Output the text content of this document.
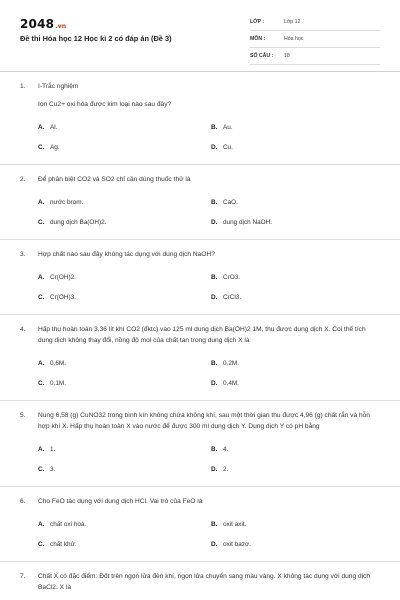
2048.vn
Đề thi Hóa học 12 Học kì 2 có đáp án (Đề 3)
LỚP :	Lớp 12
MÔN :	Hóa học
SỐ CÂU :	18
1.	I-Trắc nghiệm
Ion Cu2+ oxi hóa được kim loại nào sau đây?
A. Al.	B. Au.
C. Ag.	D. Cu.
2.	Để phân biệt CO2 và SO2 chỉ cần dùng thuốc thử là
A. nước brom.	B. CaO.
C. dung dịch Ba(OH)2.	D. dung dịch NaOH.
3.	Hợp chất nào sau đây không tác dụng với dung dịch NaOH?
A. Cr(OH)2.	B. CrO3.
C. Cr(OH)3.	D. CrCl3.
4.	Hấp thụ hoàn toàn 3,36 lít khí CO2 (đktc) vào 125 ml dung dịch Ba(OH)2 1M, thu được dung dịch X. Coi thể tích dung dịch không thay đổi, nồng độ mol của chất tan trong dung dịch X là
A. 0,6M.	B. 0,2M.
C. 0,1M.	D. 0,4M.
5.	Nung 6,58 (g) CuNO32 trong bình kín không chứa không khí, sau một thời gian thu được 4,96 (g) chất rắn và hỗn hợp khí X. Hấp thụ hoàn toàn X vào nước để được 300 ml dung dịch Y. Dung dịch Y có pH bằng
A. 1.	B. 4.
C. 3.	D. 2.
6.	Cho FeO tác dụng với dung dịch HCl. Vai trò của FeO là
A. chất oxi hoá.	B. oxit axit.
C. chất khử.	D. oxit bazơ.
7.	Chất X có đặc điểm: Đốt trên ngọn lửa đèn khí, ngọn lửa chuyển sang màu vàng. X không tác dụng với dung dịch BaCl2. X là
